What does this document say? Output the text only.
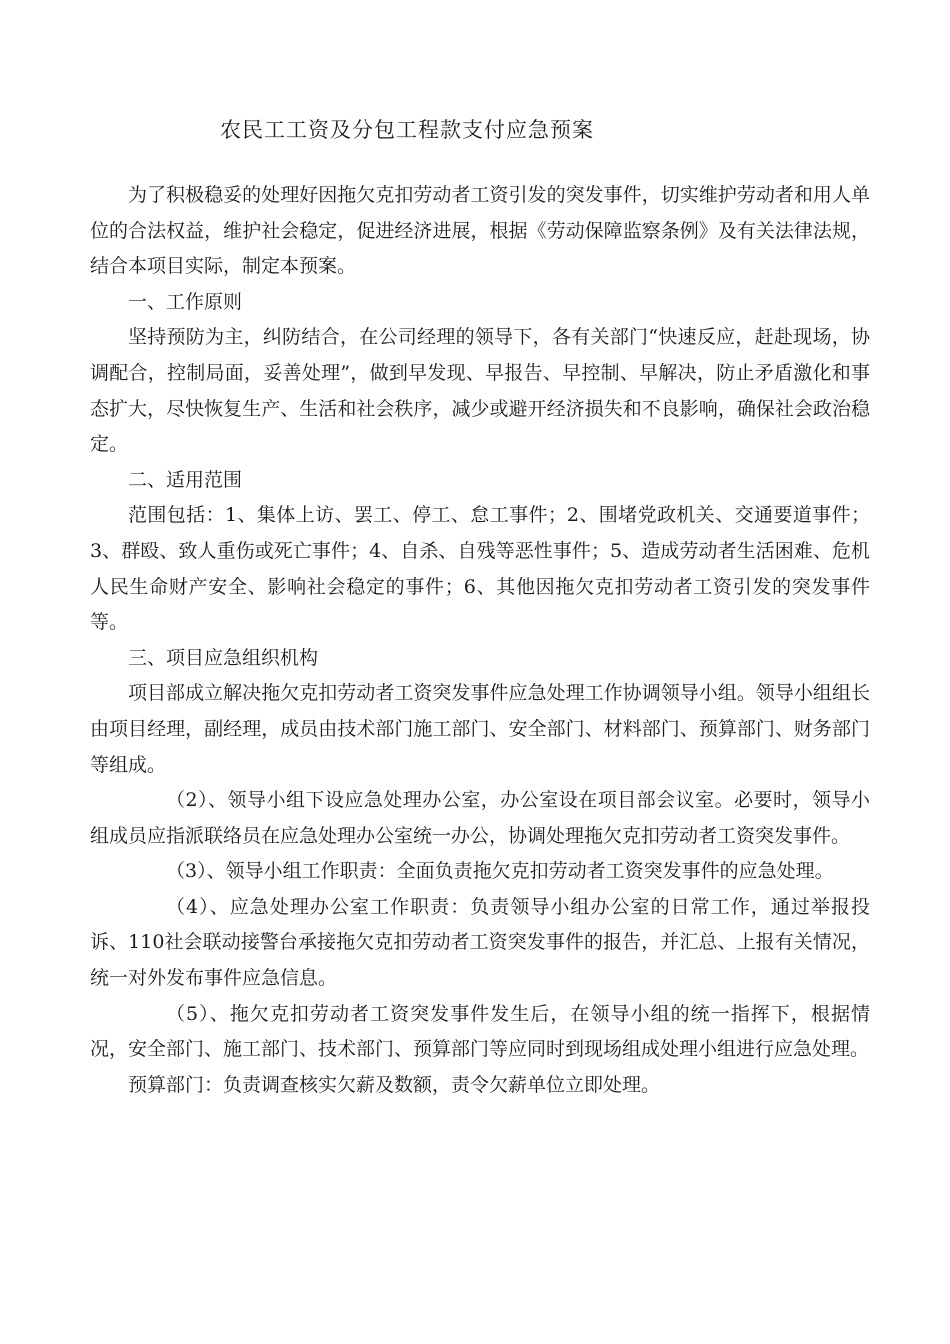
农民工工资及分包工程款支付应急预案

为了积极稳妥的处理好因拖欠克扣劳动者工资引发的突发事件，切实维护劳动者和用人单位的合法权益，维护社会稳定，促进经济进展，根据《劳动保障监察条例》及有关法律法规，结合本项目实际，制定本预案。

一、工作原则

坚持预防为主，纠防结合，在公司经理的领导下，各有关部门“快速反应，赶赴现场，协调配合，控制局面，妥善处理”，做到早发现、早报告、早控制、早解决，防止矛盾激化和事态扩大，尽快恢复生产、生活和社会秩序，减少或避开经济损失和不良影响，确保社会政治稳定。

二、适用范围

范围包括：1、集体上访、罢工、停工、怠工事件；2、围堵党政机关、交通要道事件；3、群殴、致人重伤或死亡事件；4、自杀、自残等恶性事件；5、造成劳动者生活困难、危机人民生命财产安全、影响社会稳定的事件；6、其他因拖欠克扣劳动者工资引发的突发事件等。

三、项目应急组织机构

项目部成立解决拖欠克扣劳动者工资突发事件应急处理工作协调领导小组。领导小组组长由项目经理，副经理，成员由技术部门施工部门、安全部门、材料部门、预算部门、财务部门等组成。

（2）、领导小组下设应急处理办公室，办公室设在项目部会议室。必要时，领导小组成员应指派联络员在应急处理办公室统一办公，协调处理拖欠克扣劳动者工资突发事件。

（3）、领导小组工作职责：全面负责拖欠克扣劳动者工资突发事件的应急处理。

（4）、应急处理办公室工作职责：负责领导小组办公室的日常工作，通过举报投诉、110社会联动接警台承接拖欠克扣劳动者工资突发事件的报告，并汇总、上报有关情况，统一对外发布事件应急信息。

（5）、拖欠克扣劳动者工资突发事件发生后，在领导小组的统一指挥下，根据情况，安全部门、施工部门、技术部门、预算部门等应同时到现场组成处理小组进行应急处理。

预算部门：负责调查核实欠薪及数额，责令欠薪单位立即处理。
